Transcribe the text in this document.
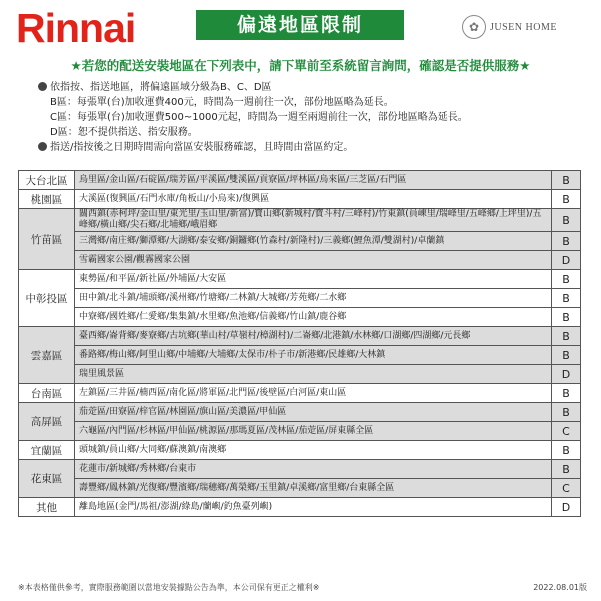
Rinnai	偏遠地區限制	✿	JUSEN HOME
★若您的配送安裝地區在下列表中，請下單前至系統留言詢問，確認是否提供服務★
依指按、指送地區，將偏遠區域分級為B、C、D區
B區：每張單(台)加收運費400元，時間為一週前往一次，部份地區略為延長。
C區：每張單(台)加收運費500~1000元起，時間為一週至兩週前往一次，部份地區略為延長。
D區：恕不提供指送、指安服務。
指送/指按後之日期時間需向當區安裝服務確認，且時間由當區約定。
大台北區	烏里區/金山區/石碇區/瑞芳區/平溪區/雙溪區/貢寮區/坪林區/烏來區/三芝區/石門區	B
桃園區	大溪區(復興區/石門水庫/角板山/小烏來)/復興區	B
竹苗區	關西鎮(赤柯坪/金山里/東光里/玉山里/新富)/寶山鄉(新城村/寶斗村/三峰村)/竹東鎮(員崠里/瑞峰里/五峰鄉/上坪里)/五峰鄉/橫山鄉/尖石鄉/北埔鄉/峨眉鄉	B
	三灣鄉/南庄鄉/獅潭鄉/大湖鄉/泰安鄉/銅鑼鄉(竹森村/新隆村)/三義鄉(鯉魚潭/雙湖村)/卓蘭鎮	B
	雪霸國家公園/觀霧國家公園	D
中彰投區	東勢區/和平區/新社區/外埔區/大安區	B
	田中鎮/北斗鎮/埔頭鄉/溪州鄉/竹塘鄉/二林鎮/大城鄉/芳苑鄉/二水鄉	B
	中寮鄉/國姓鄉/仁愛鄉/集集鎮/水里鄉/魚池鄉/信義鄉/竹山鎮/鹿谷鄉	B
雲嘉區	臺西鄉/崙背鄉/麥寮鄉/古坑鄉(華山村/草嶺村/樟湖村)/二崙鄉/北港鎮/水林鄉/口湖鄉/四湖鄉/元長鄉	B
	番路鄉/梅山鄉/阿里山鄉/中埔鄉/大埔鄉/太保市/朴子市/新港鄉/民雄鄉/大林鎮	B
	瑞里風景區	D
台南區	左鎮區/三井區/楠西區/南化區/將軍區/北門區/後壁區/白河區/東山區	B
高屏區	茄萣區/田寮區/梓官區/林園區/旗山區/美濃區/甲仙區	B
	六龜區/內門區/杉林區/甲仙區/桃源區/那瑪夏區/茂林區/茄萣區/屏東縣全區	C
宜蘭區	頭城鎮/員山鄉/大同鄉/蘇澳鎮/南澳鄉	B
花東區	花蓮市/新城鄉/秀林鄉/台東市	B
	壽豐鄉/鳳林鎮/光復鄉/豐濱鄉/瑞穗鄉/萬榮鄉/玉里鎮/卓溪鄉/富里鄉/台東縣全區	C
其他	離島地區(金門/馬祖/澎湖/綠島/蘭嶼/釣魚臺列嶼)	D
※本表格僅供參考，實際服務範圍以當地安裝據點公告為準，本公司保有更正之權利※	2022.08.01版
